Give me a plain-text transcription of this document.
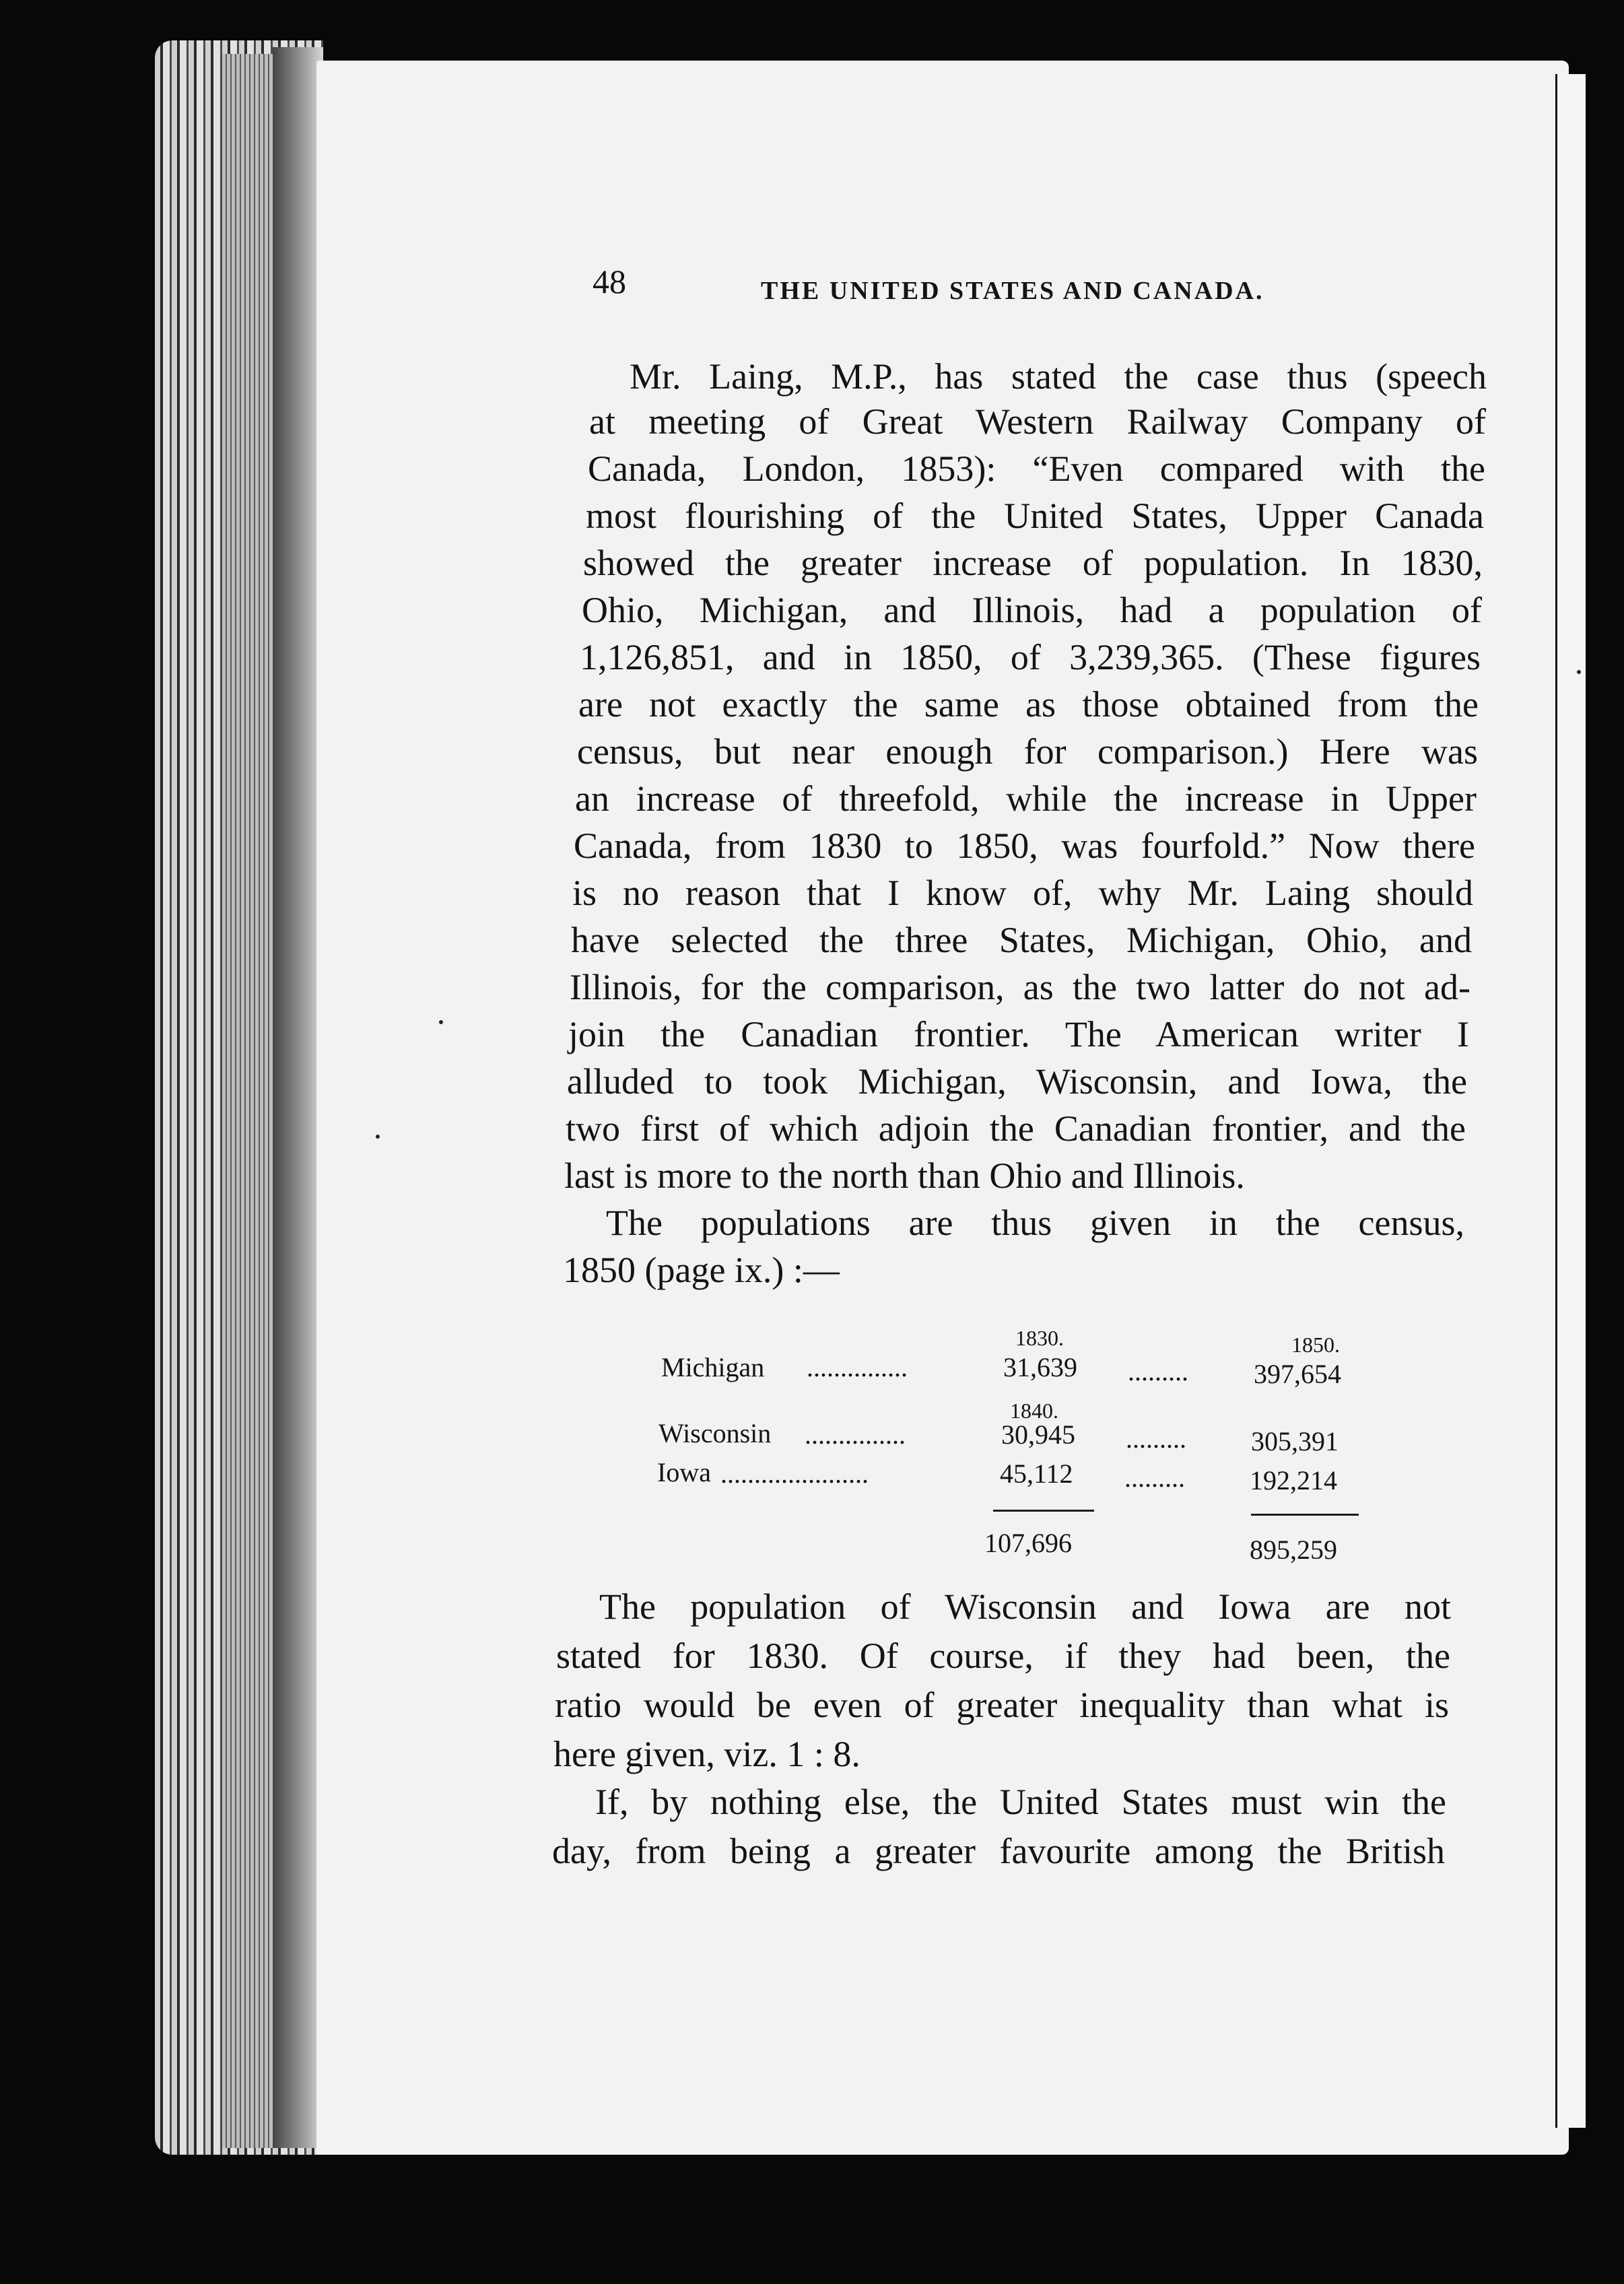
48	THE UNITED STATES AND CANADA.
Mr. Laing, M.P., has stated the case thus (speech
at meeting of Great Western Railway Company of
Canada, London, 1853): “Even compared with the
most flourishing of the United States, Upper Canada
showed the greater increase of population. In 1830,
Ohio, Michigan, and Illinois, had a population of
1,126,851, and in 1850, of 3,239,365. (These figures
are not exactly the same as those obtained from the
census, but near enough for comparison.) Here was
an increase of threefold, while the increase in Upper
Canada, from 1830 to 1850, was fourfold.” Now there
is no reason that I know of, why Mr. Laing should
have selected the three States, Michigan, Ohio, and
Illinois, for the comparison, as the two latter do not ad-
join the Canadian frontier. The American writer I
alluded to took Michigan, Wisconsin, and Iowa, the
two first of which adjoin the Canadian frontier, and the
last is more to the north than Ohio and Illinois.
The populations are thus given in the census,
1850 (page ix.) :—
1830.	1850.
Michigan ...............	31,639 ......... 397,654
1840.
Wisconsin ...............	30,945 ......... 305,391
Iowa ......................	45,112 ......... 192,214
107,696	895,259
The population of Wisconsin and Iowa are not
stated for 1830. Of course, if they had been, the
ratio would be even of greater inequality than what is
here given, viz. 1 : 8.
If, by nothing else, the United States must win the
day, from being a greater favourite among the British
